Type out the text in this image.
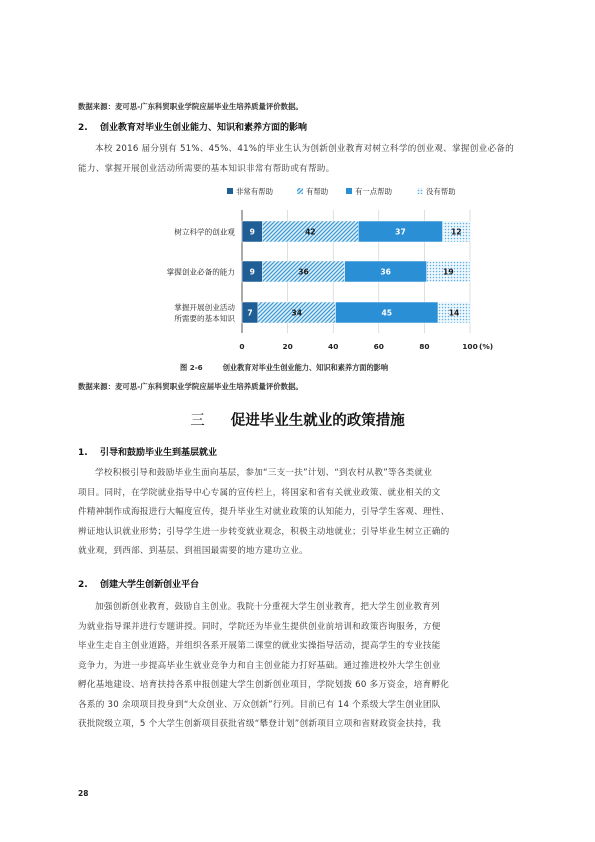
数据来源：麦可思-广东科贸职业学院应届毕业生培养质量评价数据。
2. 创业教育对毕业生创业能力、知识和素养方面的影响

本校 2016 届分别有 51%、45%、41%的毕业生认为创新创业教育对树立科学的创业观、掌握创业必备的能力、掌握开展创业活动所需要的基本知识非常有帮助或有帮助。

非常有帮助	有帮助	有一点帮助	没有帮助
0	20	40	60	80	100 (%)
9	42	37	12
树立科学的创业观
9	36	36	19
掌握创业必备的能力
7	34	45	14
掌握开展创业活动
所需要的基本知识
图 2-6	创业教育对毕业生创业能力、知识和素养方面的影响
数据来源：麦可思-广东科贸职业学院应届毕业生培养质量评价数据。
三 促进毕业生就业的政策措施
1. 引导和鼓励毕业生到基层就业

学校积极引导和鼓励毕业生面向基层，参加“三支一扶”计划、“到农村从教”等各类就业

项目。同时，在学院就业指导中心专属的宣传栏上，将国家和省有关就业政策、就业相关的文

件精神制作成海报进行大幅度宣传，提升毕业生对就业政策的认知能力，引导学生客观、理性、

辨证地认识就业形势；引导学生进一步转变就业观念，积极主动地就业；引导毕业生树立正确的

就业观，到西部、到基层、到祖国最需要的地方建功立业。

2. 创建大学生创新创业平台

加强创新创业教育，鼓励自主创业。我院十分重视大学生创业教育，把大学生创业教育列

为就业指导课并进行专题讲授。同时，学院还为毕业生提供创业前培训和政策咨询服务，方便

毕业生走自主创业道路，并组织各系开展第二课堂的就业实操指导活动，提高学生的专业技能

竞争力，为进一步提高毕业生就业竞争力和自主创业能力打好基础。通过推进校外大学生创业

孵化基地建设、培育扶持各系申报创建大学生创新创业项目，学院划拨 60 多万资金，培育孵化

各系的 30 余项项目投身到“大众创业、万众创新”行列。目前已有 14 个系级大学生创业团队

获批院级立项，5 个大学生创新项目获批省级“攀登计划”创新项目立项和省财政资金扶持，我

28
